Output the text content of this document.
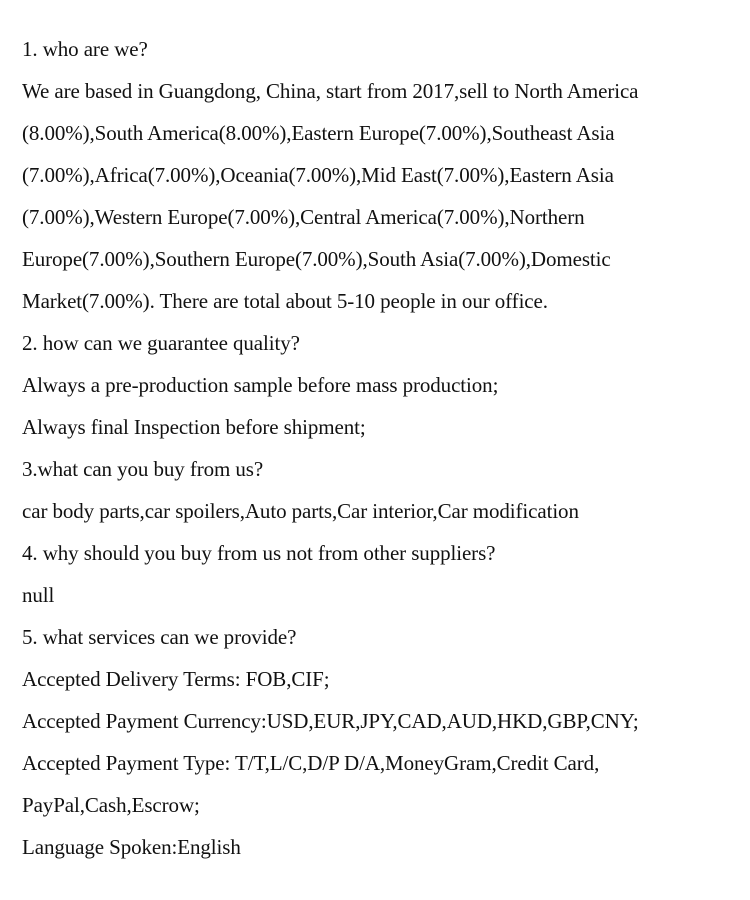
1. who are we?
We are based in Guangdong, China, start from 2017,sell to North America
(8.00%),South America(8.00%),Eastern Europe(7.00%),Southeast Asia
(7.00%),Africa(7.00%),Oceania(7.00%),Mid East(7.00%),Eastern Asia
(7.00%),Western Europe(7.00%),Central America(7.00%),Northern
Europe(7.00%),Southern Europe(7.00%),South Asia(7.00%),Domestic
Market(7.00%). There are total about 5-10 people in our office.
2. how can we guarantee quality?
Always a pre-production sample before mass production;
Always final Inspection before shipment;
3.what can you buy from us?
car body parts,car spoilers,Auto parts,Car interior,Car modification
4. why should you buy from us not from other suppliers?
null
5. what services can we provide?
Accepted Delivery Terms: FOB,CIF;
Accepted Payment Currency:USD,EUR,JPY,CAD,AUD,HKD,GBP,CNY;
Accepted Payment Type: T/T,L/C,D/P D/A,MoneyGram,Credit Card,
PayPal,Cash,Escrow;
Language Spoken:English
